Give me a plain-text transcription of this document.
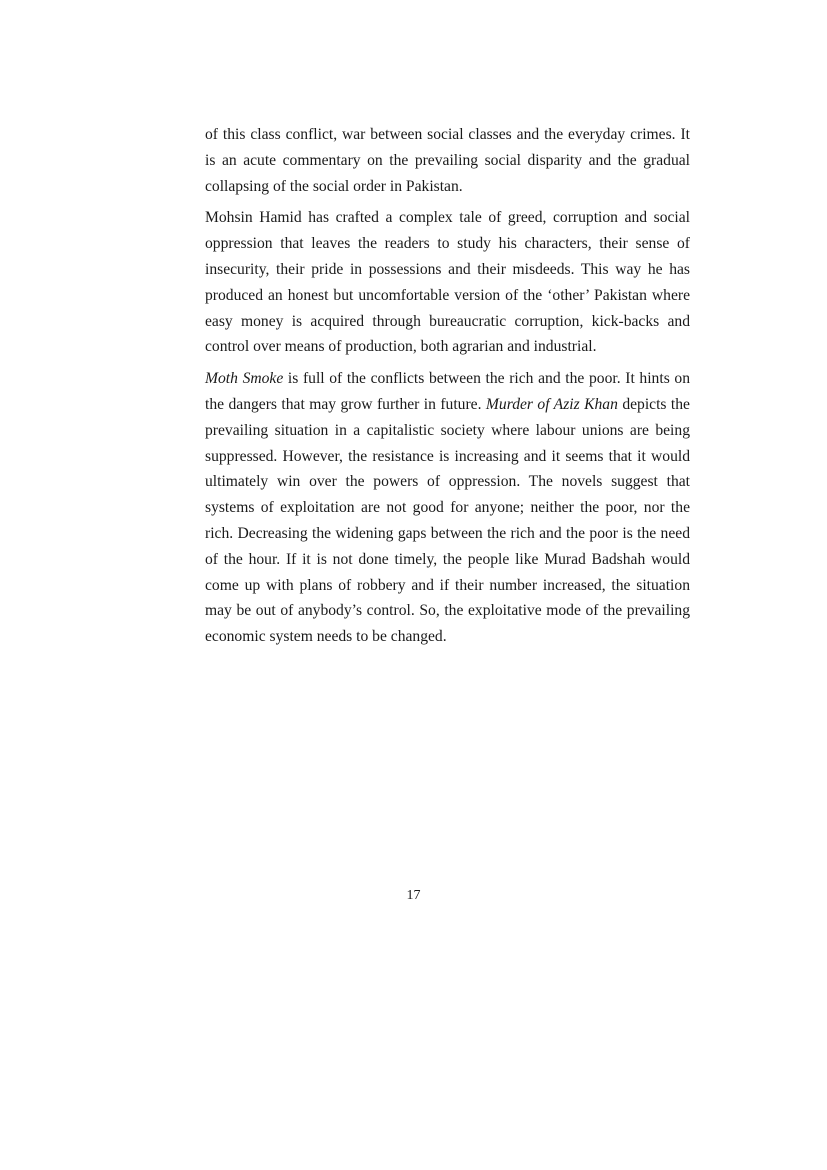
of this class conflict, war between social classes and the everyday crimes. It is an acute commentary on the prevailing social disparity and the gradual collapsing of the social order in Pakistan.

Mohsin Hamid has crafted a complex tale of greed, corruption and social oppression that leaves the readers to study his characters, their sense of insecurity, their pride in possessions and their misdeeds. This way he has produced an honest but uncomfortable version of the ‘other’ Pakistan where easy money is acquired through bureaucratic corruption, kick-backs and control over means of production, both agrarian and industrial.

Moth Smoke is full of the conflicts between the rich and the poor. It hints on the dangers that may grow further in future. Murder of Aziz Khan depicts the prevailing situation in a capitalistic society where labour unions are being suppressed. However, the resistance is increasing and it seems that it would ultimately win over the powers of oppression. The novels suggest that systems of exploitation are not good for anyone; neither the poor, nor the rich. Decreasing the widening gaps between the rich and the poor is the need of the hour. If it is not done timely, the people like Murad Badshah would come up with plans of robbery and if their number increased, the situation may be out of anybody’s control. So, the exploitative mode of the prevailing economic system needs to be changed.

17
